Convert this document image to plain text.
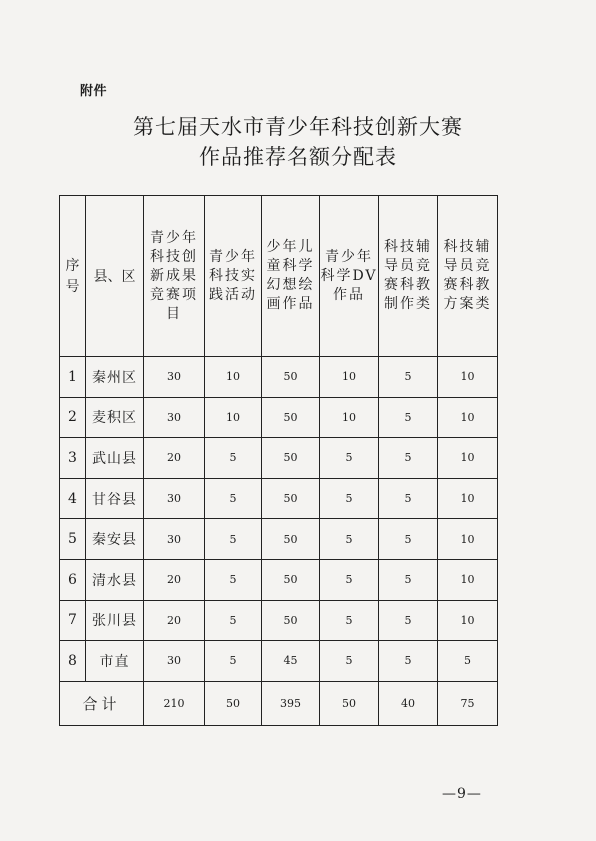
附件
第七届天水市青少年科技创新大赛
作品推荐名额分配表
序号	县、区	青少年科技创新成果竞赛项目	青少年科技实践活动	少年儿童科学幻想绘画作品	青少年科学DV作品	科技辅导员竞赛科教制作类	科技辅导员竞赛科教方案类

1	秦州区	30	10	50	10	5	10
2	麦积区	30	10	50	10	5	10
3	武山县	20	5	50	5	5	10
4	甘谷县	30	5	50	5	5	10
5	秦安县	30	5	50	5	5	10
6	清水县	20	5	50	5	5	10
7	张川县	20	5	50	5	5	10
8	市直	30	5	45	5	5	5
合计		210	50	395	50	40	75
—9—
